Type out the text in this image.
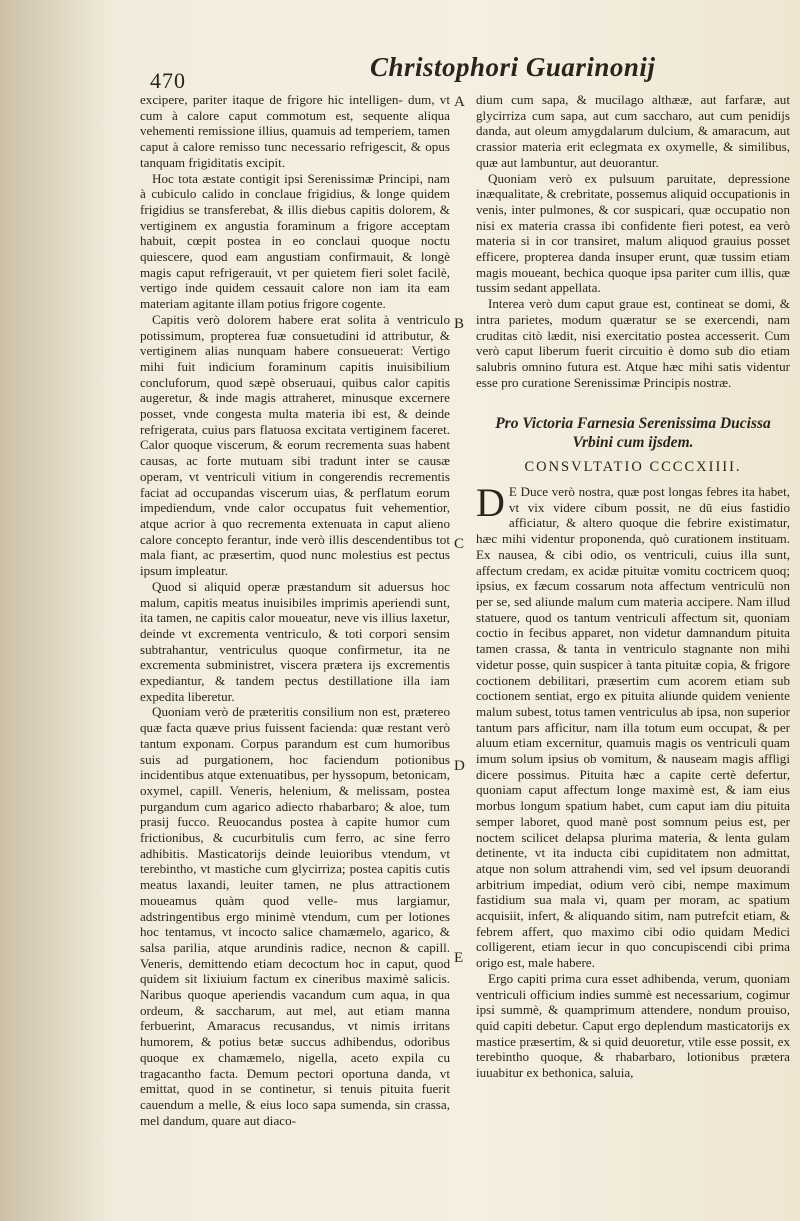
470	Christophori Guarinonij

excipere, pariter itaque de frigore hic intelligen- dum, vt cum à calore caput commotum est, sequente aliqua vehementi remissione illius, quamuis ad temperiem, tamen caput à calore remisso tunc necessario refrigescit, & opus tanquam frigiditatis excipit.

Hoc tota æstate contigit ipsi Serenissimæ Principi, nam à cubiculo calido in conclaue frigidius, & longe quidem frigidius se transferebat, & illis diebus capitis dolorem, & vertiginem ex angustia foraminum a frigore acceptam habuit, cœpit postea in eo conclaui quoque noctu quiescere, quod eam angustiam confirmauit, & longè magis caput refrigerauit, vt per quietem fieri solet facilè, vertigo inde quidem cessauit calore non iam ita eam materiam agitante illam potius frigore cogente.

Capitis verò dolorem habere erat solita à ventriculo potissimum, propterea fuæ consuetudini id attributur, & vertiginem alias nunquam habere consueuerat: Vertigo mihi fuit indicium foraminum capitis inuisibilium concluforum, quod sæpè obseruaui, quibus calor capitis augeretur, & inde magis attraheret, minusque excernere posset, vnde congesta multa materia ibi est, & deinde refrigerata, cuius pars flatuosa excitata vertiginem faceret. Calor quoque viscerum, & eorum recrementa suas habent causas, ac forte mutuam sibi tradunt inter se causæ operam, vt ventriculi vitium in congerendis recrementis faciat ad occupandas viscerum uias, & perflatum eorum impediendum, vnde calor occupatus fuit vehementior, atque acrior à quo recrementa extenuata in caput alieno calore concepto ferantur, inde verò illis descendentibus tot mala fiant, ac præsertim, quod nunc molestius est pectus ipsum impleatur.

Quod si aliquid operæ præstandum sit aduersus hoc malum, capitis meatus inuisibiles imprimis aperiendi sunt, ita tamen, ne capitis calor moueatur, neve vis illius laxetur, deinde vt excrementa ventriculo, & toti corpori sensim subtrahantur, ventriculus quoque confirmetur, ita ne excrementa subministret, viscera prætera ijs excrementis expediantur, & tandem pectus destillatione illa iam expedita liberetur.

Quoniam verò de præteritis consilium non est, prætereo quæ facta quæve prius fuissent facienda: quæ restant verò tantum exponam. Corpus parandum est cum humoribus suis ad purgationem, hoc faciendum potionibus incidentibus atque extenuatibus, per hyssopum, betonicam, oxymel, capill. Veneris, helenium, & melissam, postea purgandum cum agarico adiecto rhabarbaro; & aloe, tum prasij fucco. Reuocandus postea à capite humor cum frictionibus, & cucurbitulis cum ferro, ac sine ferro adhibitis. Masticatorijs deinde leuioribus vtendum, vt terebintho, vt mastiche cum glycirriza; postea capitis cutis meatus laxandi, leuiter tamen, ne plus attractionem moueamus quàm quod velle- mus largiamur, adstringentibus ergo minimè vtendum, cum per lotiones hoc tentamus, vt incocto salice chamæmelo, agarico, & salsa parilia, atque arundinis radice, necnon & capill. Veneris, demittendo etiam decoctum hoc in caput, quod quidem sit lixiuium factum ex cineribus maximè salicis. Naribus quoque aperiendis vacandum cum aqua, in qua ordeum, & saccharum, aut mel, aut etiam manna ferbuerint, Amaracus recusandus, vt nimis irritans humorem, & potius betæ succus adhibendus, odoribus quoque ex chamæmelo, nigella, aceto expila cu tragacantho facta. Demum pectori oportuna danda, vt emittat, quod in se continetur, si tenuis pituita fuerit cauendum a melle, & eius loco sapa sumenda, sin crassa, mel dandum, quare aut diaco-

A
B
C
D
E

dium cum sapa, & mucilago althææ, aut farfaræ, aut glycirriza cum sapa, aut cum saccharo, aut cum penidijs danda, aut oleum amygdalarum dulcium, & amaracum, aut crassior materia erit eclegmata ex oxymelle, & similibus, quæ aut lambuntur, aut deuorantur.

Quoniam verò ex pulsuum paruitate, depressione inæqualitate, & crebritate, possemus aliquid occupationis in venis, inter pulmones, & cor suspicari, quæ occupatio non nisi ex materia crassa ibi confidente fieri potest, ea verò materia si in cor transiret, malum aliquod grauius posset efficere, propterea danda insuper erunt, quæ tussim etiam magis moueant, bechica quoque ipsa pariter cum illis, quæ tussim sedant appellata.

Interea verò dum caput graue est, contineat se domi, & intra parietes, modum quæratur se se exercendi, nam cruditas citò lædit, nisi exercitatio postea accesserit. Cum verò caput liberum fuerit circuitio è domo sub dio etiam salubris omnino futura est. Atque hæc mihi satis videntur esse pro curatione Serenissimæ Principis nostræ.

Pro Victoria Farnesia Serenissima Ducissa
Vrbini cum ijsdem.
CONSVLTATIO CCCCXIIII.

D E Duce verò nostra, quæ post longas febres ita habet, vt vix videre cibum possit, ne dū eius fastidio afficiatur, & altero quoque die febrire existimatur, hæc mihi videntur proponenda, quò curationem instituam. Ex nausea, & cibi odio, os ventriculi, cuius illa sunt, affectum credam, ex acidæ pituitæ vomitu coctricem quoq; ipsius, ex fæcum cossarum nota affectum ventriculū non per se, sed aliunde malum cum materia accipere. Nam illud statuere, quod os tantum ventriculi affectum sit, quoniam coctio in fecibus apparet, non videtur damnandum pituita tamen crassa, & tanta in ventriculo stagnante non mihi videtur posse, quin suspicer à tanta pituitæ copia, & frigore coctionem debilitari, præsertim cum acorem etiam sub coctionem sentiat, ergo ex pituita aliunde quidem veniente malum subest, totus tamen ventriculus ab ipsa, non superior tantum pars afficitur, nam illa totum eum occupat, & per aluum etiam excernitur, quamuis magis os ventriculi quam imum solum ipsius ob vomitum, & nauseam magis affligi dicere possimus. Pituita hæc a capite certè defertur, quoniam caput affectum longe maximè est, & iam eius morbus longum spatium habet, cum caput iam diu pituita semper laboret, quod manè post somnum peius est, per noctem scilicet delapsa plurima materia, & lenta gulam detinente, vt ita inducta cibi cupiditatem non admittat, atque non solum attrahendi vim, sed vel ipsum deuorandi arbitrium impediat, odium verò cibi, nempe maximum fastidium sua mala vi, quam per moram, ac spatium acquisiit, infert, & aliquando sitim, nam putrefcit etiam, & febrem affert, quo maximo cibi odio quidam Medici colligerent, etiam iecur in quo concupiscendi cibi prima origo est, male habere.

Ergo capiti prima cura esset adhibenda, verum, quoniam ventriculi officium indies summè est necessarium, cogimur ipsi summè, & quamprimum attendere, nondum prouiso, quid capiti debetur. Caput ergo deplendum masticatorijs ex mastice præsertim, & si quid deuoretur, vtile esse possit, ex terebintho quoque, & rhabarbaro, lotionibus prætera iuuabitur ex bethonica, saluia,
